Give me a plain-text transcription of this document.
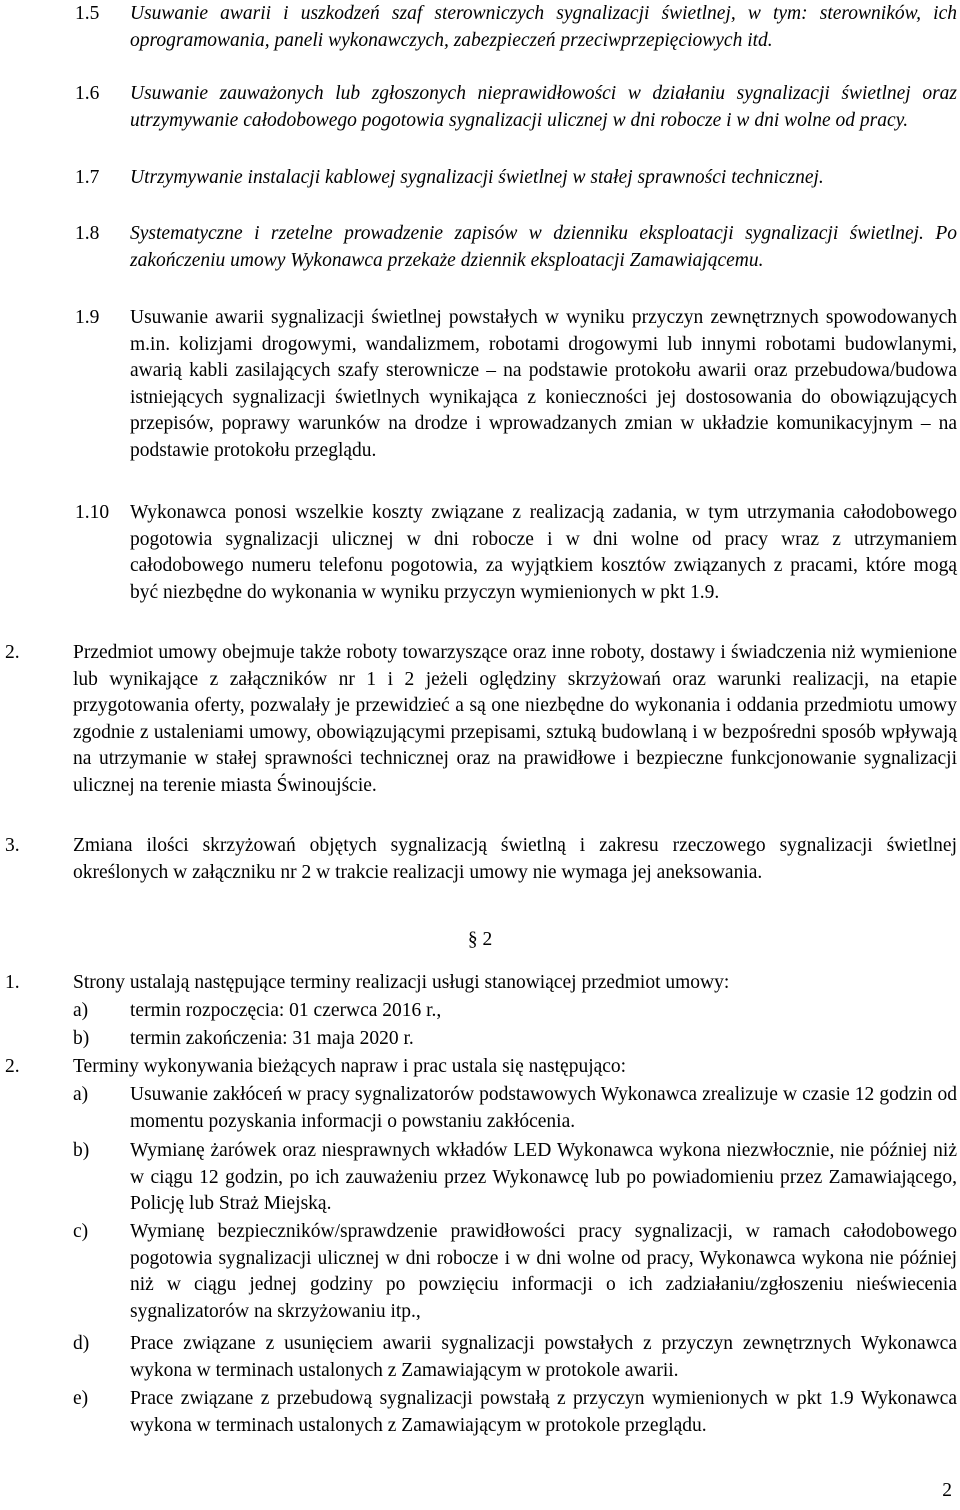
1.5 Usuwanie awarii i uszkodzeń szaf sterowniczych sygnalizacji świetlnej, w tym: sterowników, ich oprogramowania, paneli wykonawczych, zabezpieczeń przeciwprzepięciowych itd.
1.6 Usuwanie zauważonych lub zgłoszonych nieprawidłowości w działaniu sygnalizacji świetlnej oraz utrzymywanie całodobowego pogotowia sygnalizacji ulicznej w dni robocze i w dni wolne od pracy.
1.7 Utrzymywanie instalacji kablowej sygnalizacji świetlnej w stałej sprawności technicznej.
1.8 Systematyczne i rzetelne prowadzenie zapisów w dzienniku eksploatacji sygnalizacji świetlnej. Po zakończeniu umowy Wykonawca przekaże dziennik eksploatacji Zamawiającemu.
1.9 Usuwanie awarii sygnalizacji świetlnej powstałych w wyniku przyczyn zewnętrznych spowodowanych m.in. kolizjami drogowymi, wandalizmem, robotami drogowymi lub innymi robotami budowlanymi, awarią kabli zasilających szafy sterownicze – na podstawie protokołu awarii oraz przebudowa/budowa istniejących sygnalizacji świetlnych wynikająca z konieczności jej dostosowania do obowiązujących przepisów, poprawy warunków na drodze i wprowadzanych zmian w układzie komunikacyjnym – na podstawie protokołu przeglądu.
1.10 Wykonawca ponosi wszelkie koszty związane z realizacją zadania, w tym utrzymania całodobowego pogotowia sygnalizacji ulicznej w dni robocze i w dni wolne od pracy wraz z utrzymaniem całodobowego numeru telefonu pogotowia, za wyjątkiem kosztów związanych z pracami, które mogą być niezbędne do wykonania w wyniku przyczyn wymienionych w pkt 1.9.
2.	Przedmiot umowy obejmuje także roboty towarzyszące oraz inne roboty, dostawy i świadczenia niż wymienione lub wynikające z załączników nr 1 i 2 jeżeli oględziny skrzyżowań oraz warunki realizacji, na etapie przygotowania oferty, pozwalały je przewidzieć a są one niezbędne do wykonania i oddania przedmiotu umowy zgodnie z ustaleniami umowy, obowiązującymi przepisami, sztuką budowlaną i w bezpośredni sposób wpływają na utrzymanie w stałej sprawności technicznej oraz na prawidłowe i bezpieczne funkcjonowanie sygnalizacji ulicznej na terenie miasta Świnoujście.
3.	Zmiana ilości skrzyżowań objętych sygnalizacją świetlną i zakresu rzeczowego sygnalizacji świetlnej określonych w załączniku nr 2 w trakcie realizacji umowy nie wymaga jej aneksowania.
§ 2
1.	Strony ustalają następujące terminy realizacji usługi stanowiącej przedmiot umowy:
a) termin rozpoczęcia: 01 czerwca 2016 r.,
b) termin zakończenia: 31 maja 2020 r.
2.	Terminy wykonywania bieżących napraw i prac ustala się następująco:
a) Usuwanie zakłóceń w pracy sygnalizatorów podstawowych Wykonawca zrealizuje w czasie 12 godzin od momentu pozyskania informacji o powstaniu zakłócenia.
b) Wymianę żarówek oraz niesprawnych wkładów LED Wykonawca wykona niezwłocznie, nie później niż w ciągu 12 godzin, po ich zauważeniu przez Wykonawcę lub po powiadomieniu przez Zamawiającego, Policję lub Straż Miejską.
c) Wymianę bezpieczników/sprawdzenie prawidłowości pracy sygnalizacji, w ramach całodobowego pogotowia sygnalizacji ulicznej w dni robocze i w dni wolne od pracy, Wykonawca wykona nie później niż w ciągu jednej godziny po powzięciu informacji o ich zadziałaniu/zgłoszeniu nieświecenia sygnalizatorów na skrzyżowaniu itp.,
d) Prace związane z usunięciem awarii sygnalizacji powstałych z przyczyn zewnętrznych Wykonawca wykona w terminach ustalonych z Zamawiającym w protokole awarii.
e) Prace związane z przebudową sygnalizacji powstałą z przyczyn wymienionych w pkt 1.9 Wykonawca wykona w terminach ustalonych z Zamawiającym w protokole przeglądu.
2
